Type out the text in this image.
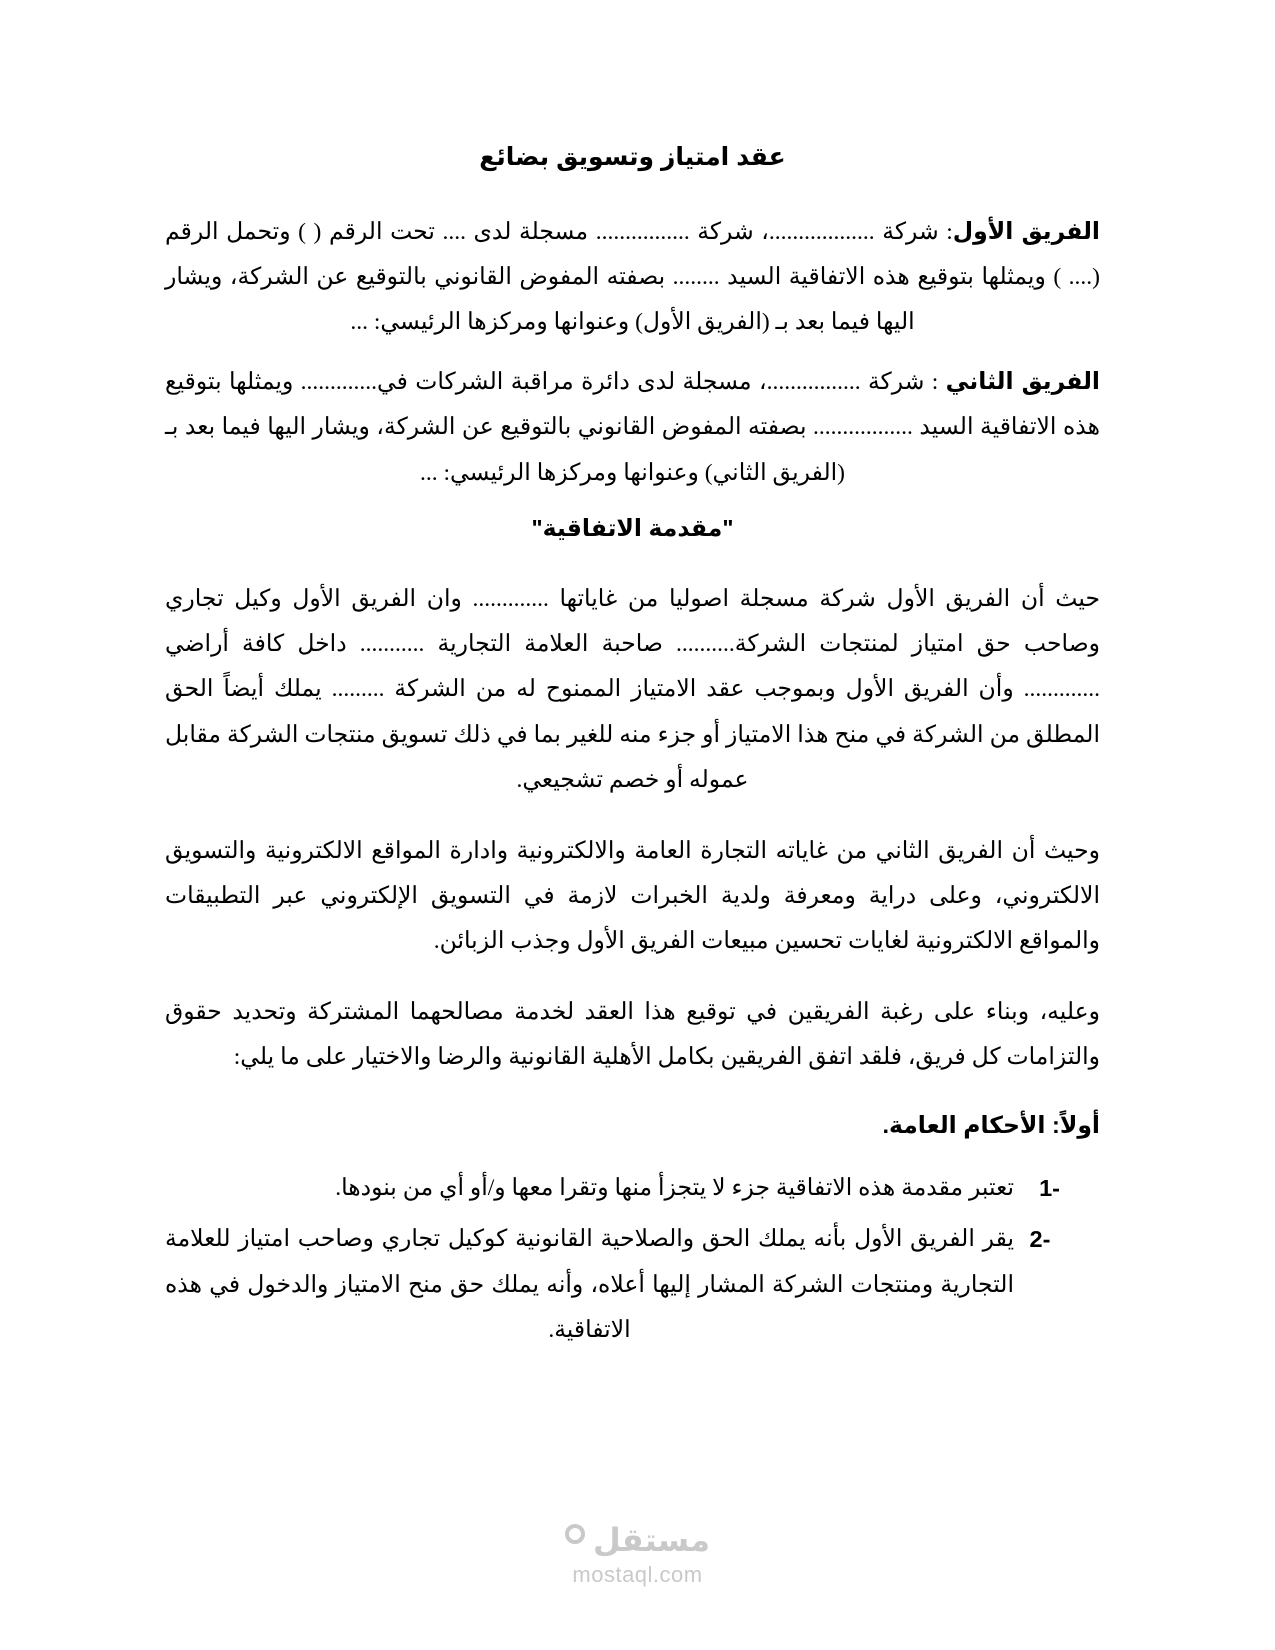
عقد امتياز وتسويق بضائع

الفريق الأول: شركة ..................، شركة ................ مسجلة لدى .... تحت الرقم ( ) وتحمل الرقم (.... ) ويمثلها بتوقيع هذه الاتفاقية السيد ........ بصفته المفوض القانوني بالتوقيع عن الشركة، ويشار اليها فيما بعد بـ (الفريق الأول) وعنوانها ومركزها الرئيسي: ...

الفريق الثاني : شركة ................، مسجلة لدى دائرة مراقبة الشركات في............. ويمثلها بتوقيع هذه الاتفاقية السيد ................. بصفته المفوض القانوني بالتوقيع عن الشركة، ويشار اليها فيما بعد بـ (الفريق الثاني) وعنوانها ومركزها الرئيسي: ...

"مقدمة الاتفاقية"

حيث أن الفريق الأول شركة مسجلة اصوليا من غاياتها ............. وان الفريق الأول وكيل تجاري وصاحب حق امتياز لمنتجات الشركة.......... صاحبة العلامة التجارية ........... داخل كافة أراضي ............. وأن الفريق الأول وبموجب عقد الامتياز الممنوح له من الشركة ......... يملك أيضاً الحق المطلق من الشركة في منح هذا الامتياز أو جزء منه للغير بما في ذلك تسويق منتجات الشركة مقابل عموله أو خصم تشجيعي.

وحيث أن الفريق الثاني من غاياته التجارة العامة والالكترونية وادارة المواقع الالكترونية والتسويق الالكتروني، وعلى دراية ومعرفة ولدية الخبرات لازمة في التسويق الإلكتروني عبر التطبيقات والمواقع الالكترونية لغايات تحسين مبيعات الفريق الأول وجذب الزبائن.

وعليه، وبناء على رغبة الفريقين في توقيع هذا العقد لخدمة مصالحهما المشتركة وتحديد حقوق والتزامات كل فريق، فلقد اتفق الفريقين بكامل الأهلية القانونية والرضا والاختيار على ما يلي:

أولاً: الأحكام العامة.
1-
تعتبر مقدمة هذه الاتفاقية جزء لا يتجزأ منها وتقرا معها و/أو أي من بنودها.
2-
يقر الفريق الأول بأنه يملك الحق والصلاحية القانونية كوكيل تجاري وصاحب امتياز للعلامة التجارية ومنتجات الشركة المشار إليها أعلاه، وأنه يملك حق منح الامتياز والدخول في هذه الاتفاقية.
مستقل
mostaql.com
